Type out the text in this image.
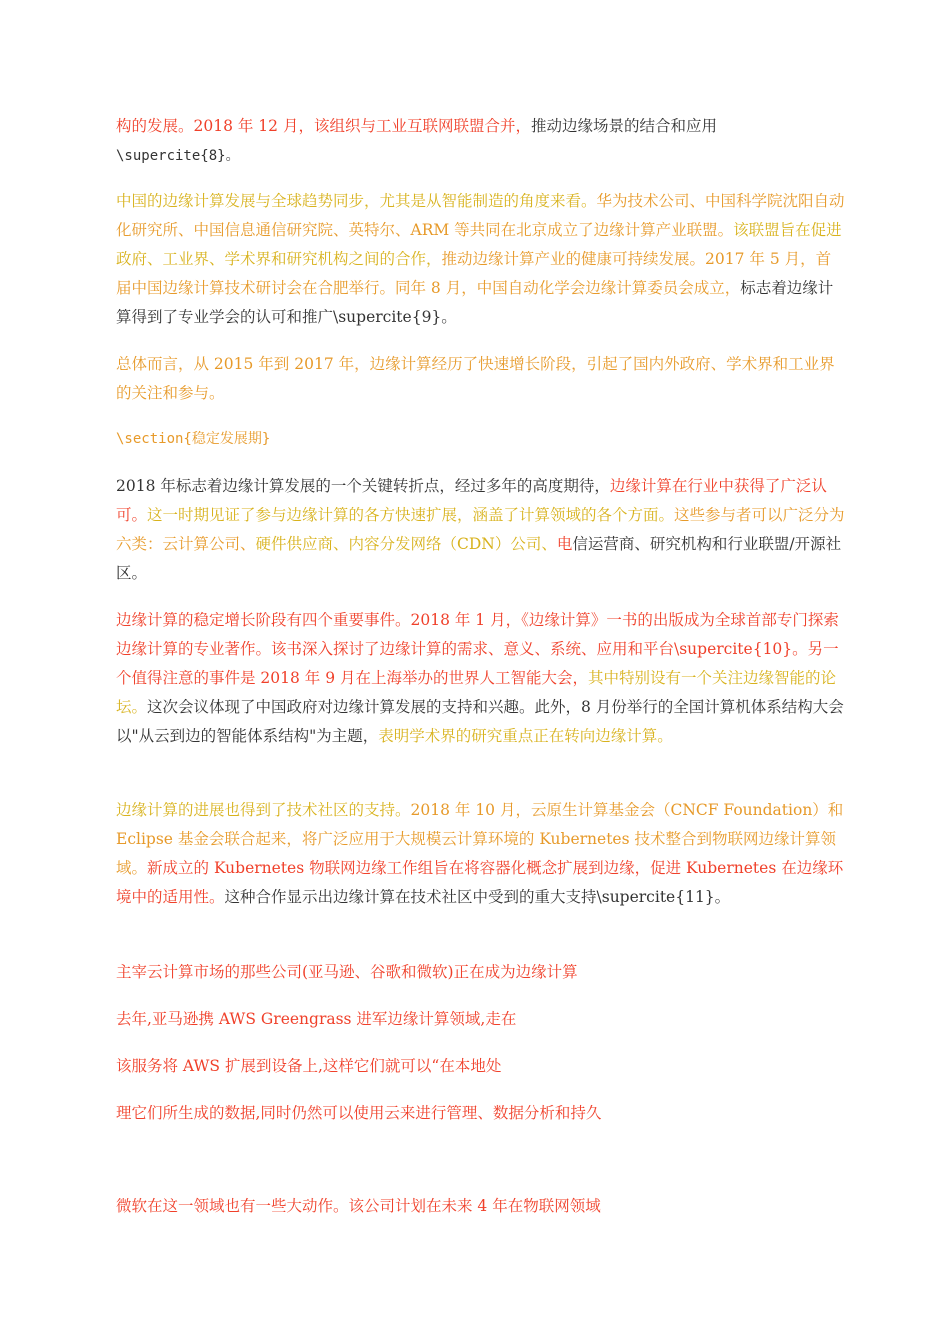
构的发展。2018 年 12 月，该组织与工业互联网联盟合并，推动边缘场景的结合和应用
\supercite{8}。

中国的边缘计算发展与全球趋势同步，尤其是从智能制造的角度来看。华为技术公司、中国科学院沈阳自动化研究所、中国信息通信研究院、英特尔、ARM 等共同在北京成立了边缘计算产业联盟。该联盟旨在促进政府、工业界、学术界和研究机构之间的合作，推动边缘计算产业的健康可持续发展。2017 年 5 月，首届中国边缘计算技术研讨会在合肥举行。同年 8 月，中国自动化学会边缘计算委员会成立，标志着边缘计算得到了专业学会的认可和推广\supercite{9}。

总体而言，从 2015 年到 2017 年，边缘计算经历了快速增长阶段，引起了国内外政府、学术界和工业界的关注和参与。

\section{稳定发展期}

2018 年标志着边缘计算发展的一个关键转折点，经过多年的高度期待，边缘计算在行业中获得了广泛认可。这一时期见证了参与边缘计算的各方快速扩展，涵盖了计算领域的各个方面。这些参与者可以广泛分为六类：云计算公司、硬件供应商、内容分发网络（CDN）公司、电信运营商、研究机构和行业联盟/开源社区。

边缘计算的稳定增长阶段有四个重要事件。2018 年 1 月，《边缘计算》一书的出版成为全球首部专门探索边缘计算的专业著作。该书深入探讨了边缘计算的需求、意义、系统、应用和平台\supercite{10}。另一个值得注意的事件是 2018 年 9 月在上海举办的世界人工智能大会，其中特别设有一个关注边缘智能的论坛。这次会议体现了中国政府对边缘计算发展的支持和兴趣。此外，8 月份举行的全国计算机体系结构大会以"从云到边的智能体系结构"为主题，表明学术界的研究重点正在转向边缘计算。

边缘计算的进展也得到了技术社区的支持。2018 年 10 月，云原生计算基金会（CNCF Foundation）和 Eclipse 基金会联合起来，将广泛应用于大规模云计算环境的 Kubernetes 技术整合到物联网边缘计算领域。新成立的 Kubernetes 物联网边缘工作组旨在将容器化概念扩展到边缘，促进 Kubernetes 在边缘环境中的适用性。这种合作显示出边缘计算在技术社区中受到的重大支持\supercite{11}。

主宰云计算市场的那些公司(亚马逊、谷歌和微软)正在成为边缘计算

去年,亚马逊携 AWS Greengrass 进军边缘计算领域,走在

该服务将 AWS 扩展到设备上,这样它们就可以“在本地处

理它们所生成的数据,同时仍然可以使用云来进行管理、数据分析和持久

微软在这一领域也有一些大动作。该公司计划在未来 4 年在物联网领域
